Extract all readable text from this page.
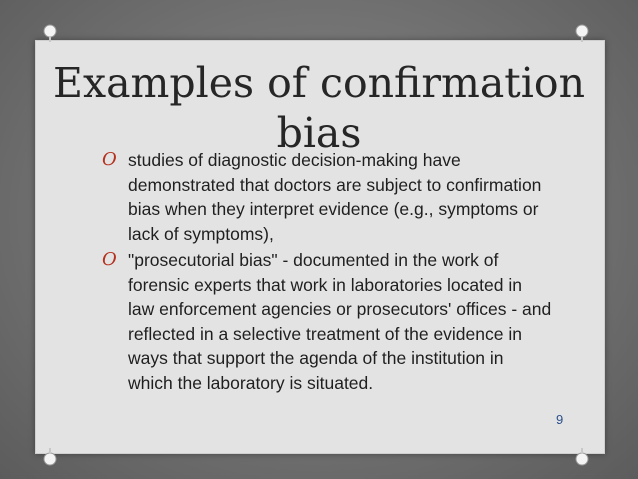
Examples of confirmation
bias
O studies of diagnostic decision-making have demonstrated that doctors are subject to confirmation bias when they interpret evidence (e.g., symptoms or lack of symptoms),
O "prosecutorial bias" - documented in the work of forensic experts that work in laboratories located in law enforcement agencies or prosecutors' offices - and reflected in a selective treatment of the evidence in ways that support the agenda of the institution in which the laboratory is situated.
9
